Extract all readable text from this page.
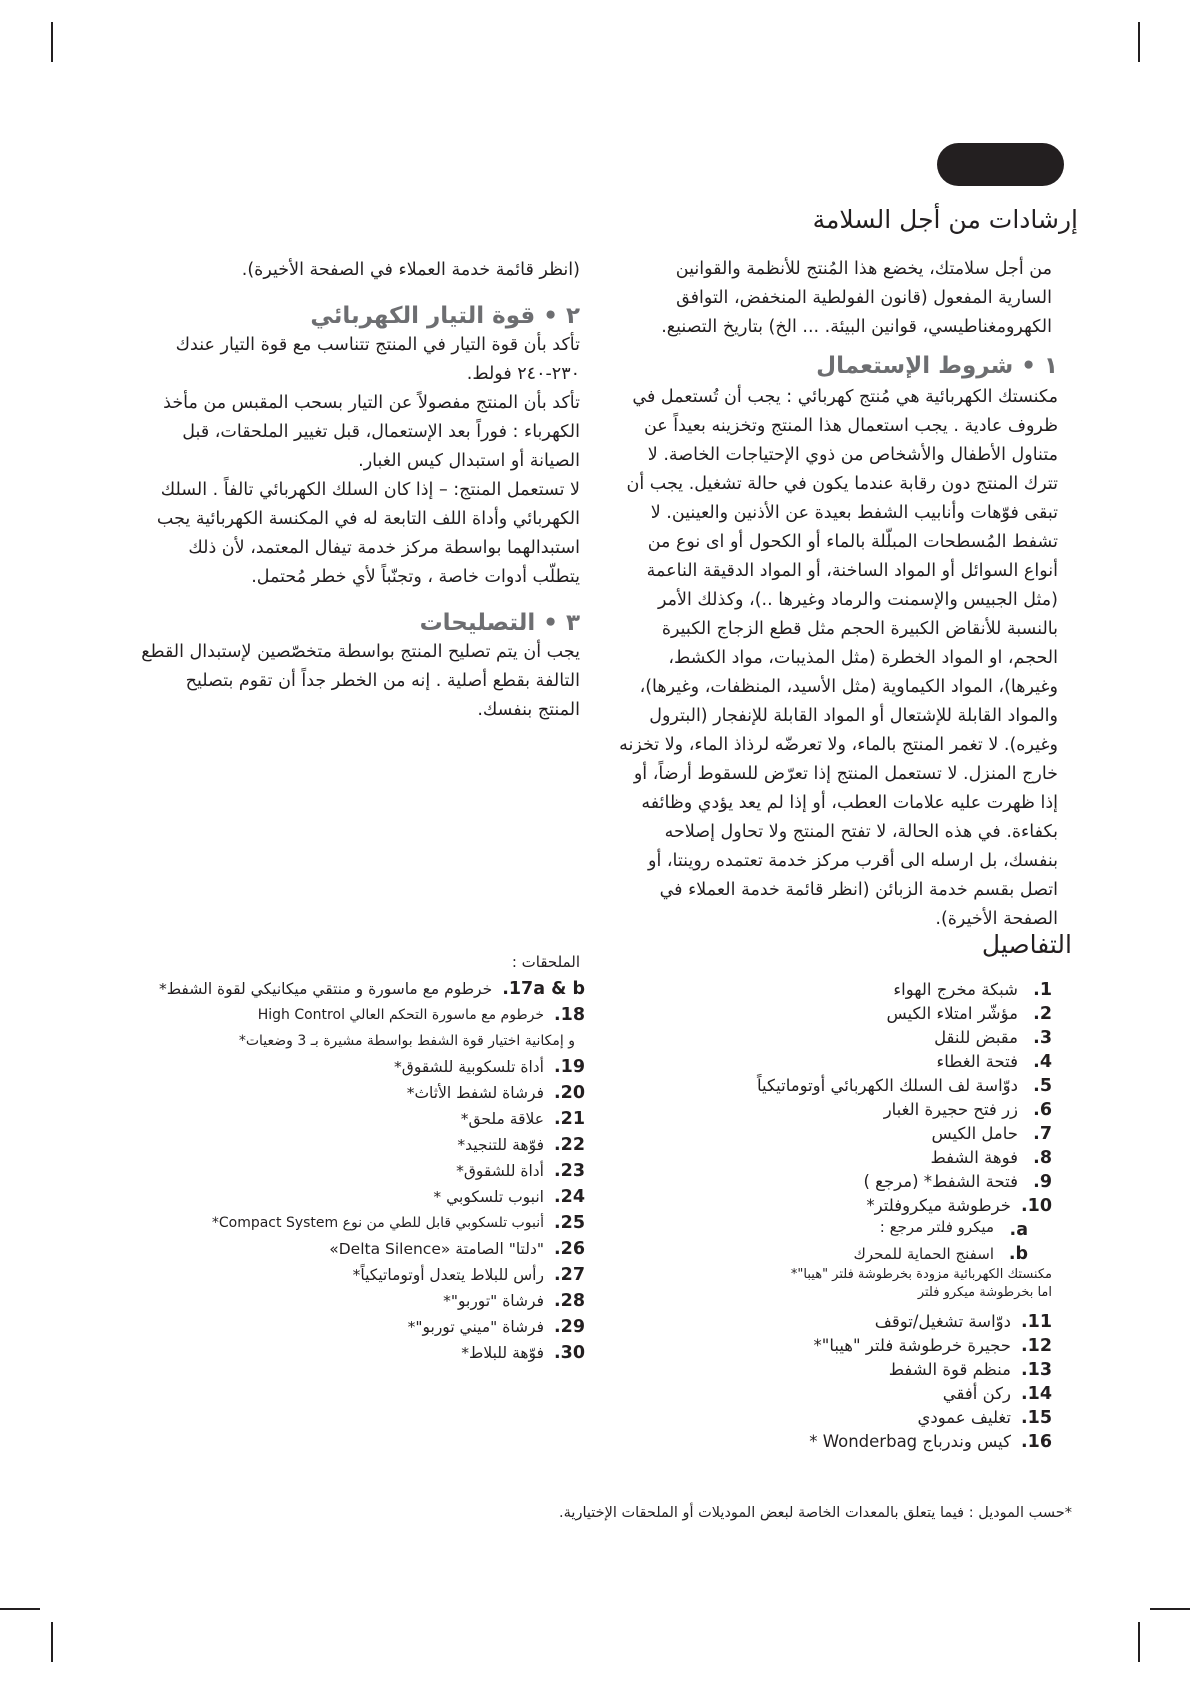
إرشادات من أجل السلامة

من أجل سلامتك، يخضع هذا المُنتج للأنظمة والقوانين السارية المفعول (قانون الفولطية المنخفض، التوافق الكهرومغناطيسي، قوانين البيئة. ... الخ) بتاريخ التصنيع.

(انظر قائمة خدمة العملاء في الصفحة الأخيرة).
١ • شروط الإستعمال

مكنستك الكهربائية هي مُنتج كهربائي : يجب أن تُستعمل في ظروف عادية . يجب استعمال هذا المنتج وتخزينه بعيداً عن متناول الأطفال والأشخاص من ذوي الإحتياجات الخاصة. لا تترك المنتج دون رقابة عندما يكون في حالة تشغيل. يجب أن تبقى فوّهات وأنابيب الشفط بعيدة عن الأذنين والعينين. لا تشفط المُسطحات المبلّلة بالماء أو الكحول أو اى نوع من أنواع السوائل أو المواد الساخنة، أو المواد الدقيقة الناعمة (مثل الجبيس والإسمنت والرماد وغيرها ..)، وكذلك الأمر بالنسبة للأنقاض الكبيرة الحجم مثل قطع الزجاج الكبيرة الحجم، او المواد الخطرة (مثل المذيبات، مواد الكشط، وغيرها)، المواد الكيماوية (مثل الأسيد، المنظفات، وغيرها)، والمواد القابلة للإشتعال أو المواد القابلة للإنفجار (البترول وغيره). لا تغمر المنتج بالماء، ولا تعرضّه لرذاذ الماء، ولا تخزنه خارج المنزل. لا تستعمل المنتج إذا تعرّض للسقوط أرضاً، أو إذا ظهرت عليه علامات العطب، أو إذا لم يعد يؤدي وظائفه بكفاءة. في هذه الحالة، لا تفتح المنتج ولا تحاول إصلاحه بنفسك، بل ارسله الى أقرب مركز خدمة تعتمده روينتا، أو اتصل بقسم خدمة الزبائن (انظر قائمة خدمة العملاء في الصفحة الأخيرة).

٢ • قوة التيار الكهربائي

تأكد بأن قوة التيار في المنتج تتناسب مع قوة التيار عندك ٢٣٠-٢٤٠ فولط.

تأكد بأن المنتج مفصولاً عن التيار بسحب المقبس من مأخذ الكهرباء : فوراً بعد الإستعمال، قبل تغيير الملحقات، قبل الصيانة أو استبدال كيس الغبار.

لا تستعمل المنتج: – إذا كان السلك الكهربائي تالفاً . السلك الكهربائي وأداة اللف التابعة له في المكنسة الكهربائية يجب استبدالهما بواسطة مركز خدمة تيفال المعتمد، لأن ذلك يتطلّب أدوات خاصة ، وتجنّباً لأي خطر مُحتمل.

٣ • التصليحات

يجب أن يتم تصليح المنتج بواسطة متخصّصين لإستبدال القطع التالفة بقطع أصلية . إنه من الخطر جداً أن تقوم بتصليح المنتج بنفسك.

التفاصيل
1.
شبكة مخرج الهواء
2.
مؤشّر امتلاء الكيس
3.
مقبض للنقل
4.
فتحة الغطاء
5.
دوّاسة لف السلك الكهربائي أوتوماتيكياً
6.
زر فتح حجيرة الغبار
7.
حامل الكيس
8.
فوهة الشفط
9.
فتحة الشفط* (مرجع )
10.
خرطوشة ميكروفلتر*
a.
ميكرو فلتر مرجع :
b.
اسفنج الحماية للمحرك
مكنستك الكهربائية مزودة بخرطوشة فلتر "هيبا"*
اما بخرطوشة ميكرو فلتر
11.
دوّاسة تشغيل/توقف
12.
حجيرة خرطوشة فلتر "هيبا"*
13.
منظم قوة الشفط
14.
ركن أفقي
15.
تغليف عمودي
16.
كيس وندرباج Wonderbag *
الملحقات :
17a & b.
خرطوم مع ماسورة و منتقي ميكانيكي لقوة الشفط*
18.
خرطوم مع ماسورة التحكم العالي High Control
و إمكانية اختيار قوة الشفط بواسطة مشيرة بـ 3 وضعيات*
19.
أداة تلسكوبية للشقوق*
20.
فرشاة لشفط الأثاث*
21.
علاقة ملحق*
22.
فوّهة للتنجيد*
23.
أداة للشقوق*
24.
انبوب تلسكوبي *
25.
أنبوب تلسكوبي قابل للطي من نوع Compact System*
26.
"دلتا" الصامتة «Delta Silence»
27.
رأس للبلاط يتعدل أوتوماتيكياً*
28.
فرشاة "توربو"*
29.
فرشاة "ميني توربو"*
30.
فوّهة للبلاط*
*حسب الموديل : فيما يتعلق بالمعدات الخاصة لبعض الموديلات أو الملحقات الإختيارية.
